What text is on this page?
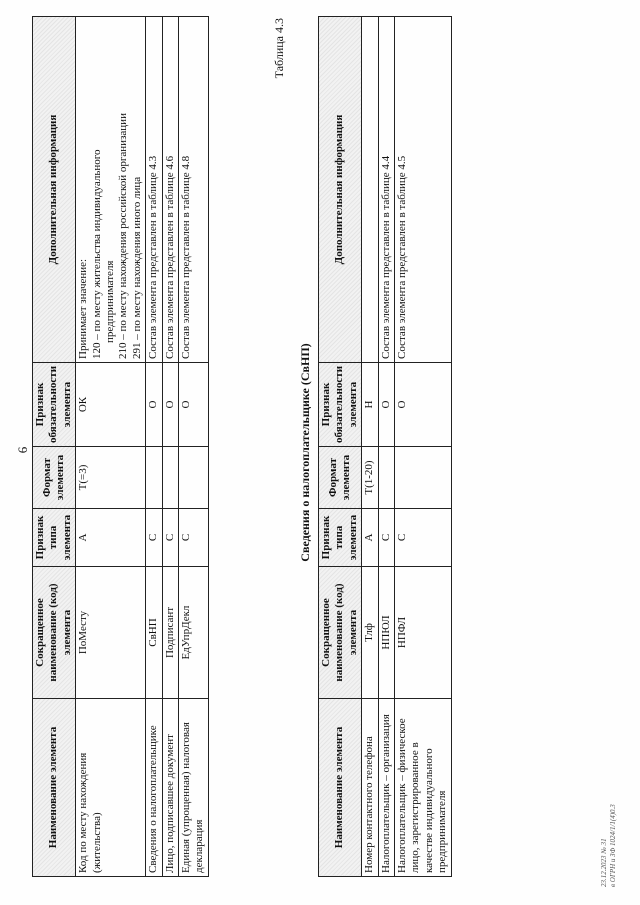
6
Наименование элемента	Сокращенное наименование (код) элемента	Признак типа элемента	Формат элемента	Признак обязательности элемента	Дополнительная информация
Код по месту нахождения (жительства)	ПоМесту	А	Т(=3)	ОК	Принимает значение: 120 – по месту жительства индивидуального предпринимателя 210 – по месту нахождения российской организации 291 – по месту нахождения иного лица

Сведения о налогоплательщике	СвНП	С		О	Состав элемента представлен в таблице 4.3
Лицо, подписавшее документ	Подписант	С		О	Состав элемента представлен в таблице 4.6
Единая (упрощенная) налоговая декларация	ЕдУпрДекл	С		О	Состав элемента представлен в таблице 4.8
Таблица 4.3
Сведения о налогоплательщике (СвНП)
Наименование элемента	Сокращенное наименование (код) элемента	Признак типа элемента	Формат элемента	Признак обязательности элемента	Дополнительная информация
Номер контактного телефона	Тлф	А	Т(1-20)	Н	
Налогоплательщик – организация	НПЮЛ	С		О	Состав элемента представлен в таблице 4.4
Налогоплательщик – физическое лицо, зарегистрированное в качестве индивидуального предпринимателя	НПФЛ	С		О	Состав элемента представлен в таблице 4.5
23.12.2023 № 31 в ОГРН и ЗФ 1024/1/1(4)0.3
